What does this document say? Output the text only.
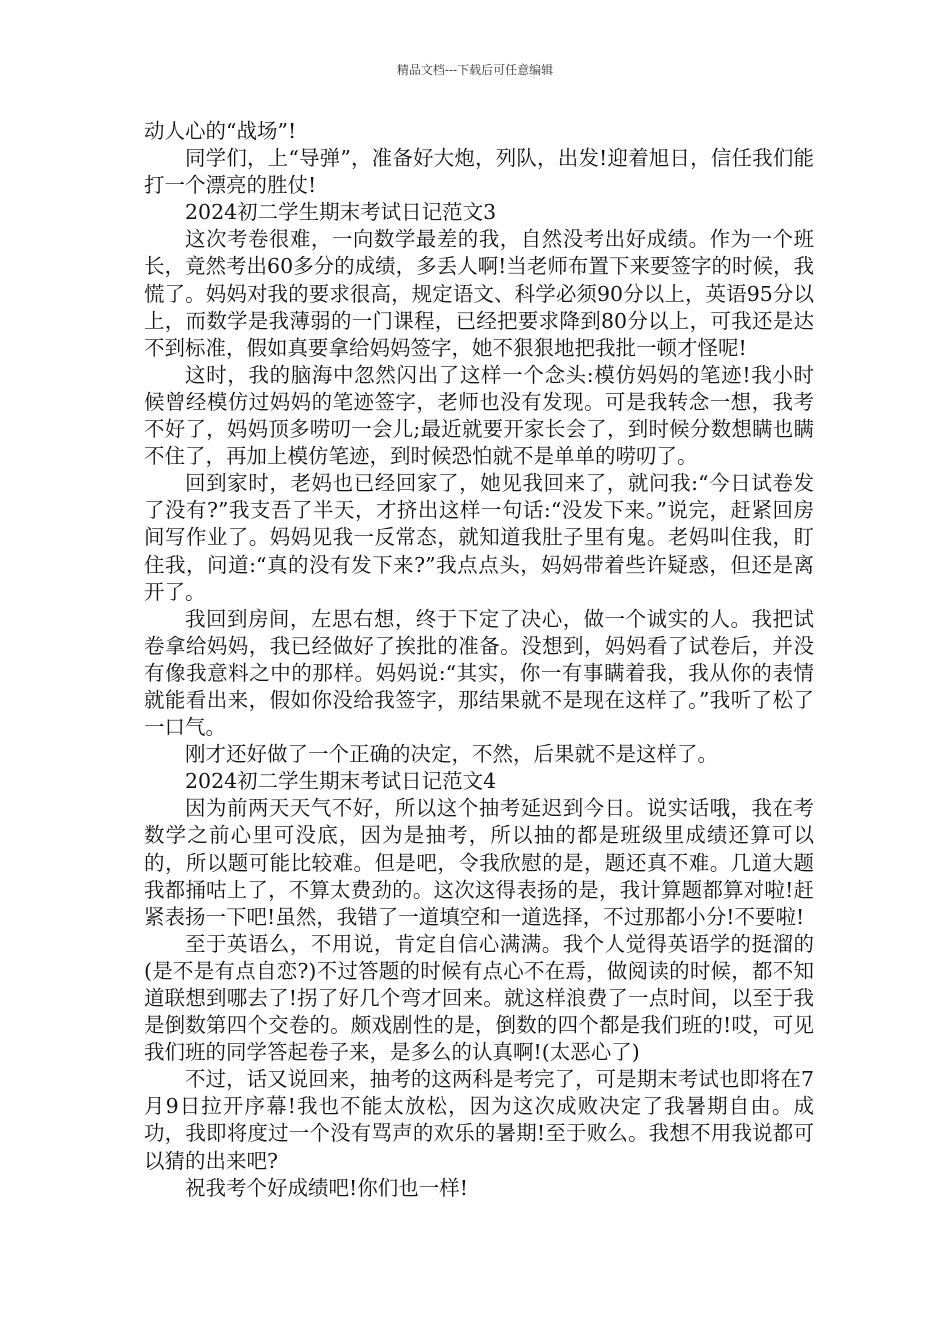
精品文档---下载后可任意编辑

动人心的“战场”!

同学们，上“导弹”，准备好大炮，列队，出发!迎着旭日，信任我们能打一个漂亮的胜仗!

2024初二学生期末考试日记范文3

这次考卷很难，一向数学最差的我，自然没考出好成绩。作为一个班长，竟然考出60多分的成绩，多丢人啊!当老师布置下来要签字的时候，我慌了。妈妈对我的要求很高，规定语文、科学必须90分以上，英语95分以上，而数学是我薄弱的一门课程，已经把要求降到80分以上，可我还是达不到标准，假如真要拿给妈妈签字，她不狠狠地把我批一顿才怪呢!

这时，我的脑海中忽然闪出了这样一个念头:模仿妈妈的笔迹!我小时候曾经模仿过妈妈的笔迹签字，老师也没有发现。可是我转念一想，我考不好了，妈妈顶多唠叨一会儿;最近就要开家长会了，到时候分数想瞒也瞒不住了，再加上模仿笔迹，到时候恐怕就不是单单的唠叨了。

回到家时，老妈也已经回家了，她见我回来了，就问我:“今日试卷发了没有?”我支吾了半天，才挤出这样一句话:“没发下来。”说完，赶紧回房间写作业了。妈妈见我一反常态，就知道我肚子里有鬼。老妈叫住我，盯住我，问道:“真的没有发下来?”我点点头，妈妈带着些许疑惑，但还是离开了。

我回到房间，左思右想，终于下定了决心，做一个诚实的人。我把试卷拿给妈妈，我已经做好了挨批的准备。没想到，妈妈看了试卷后，并没有像我意料之中的那样。妈妈说:“其实，你一有事瞒着我，我从你的表情就能看出来，假如你没给我签字，那结果就不是现在这样了。”我听了松了一口气。

刚才还好做了一个正确的决定，不然，后果就不是这样了。

2024初二学生期末考试日记范文4

因为前两天天气不好，所以这个抽考延迟到今日。说实话哦，我在考数学之前心里可没底，因为是抽考，所以抽的都是班级里成绩还算可以的，所以题可能比较难。但是吧，令我欣慰的是，题还真不难。几道大题我都捅咕上了，不算太费劲的。这次这得表扬的是，我计算题都算对啦!赶紧表扬一下吧!虽然，我错了一道填空和一道选择，不过那都小分!不要啦!

至于英语么，不用说，肯定自信心满满。我个人觉得英语学的挺溜的(是不是有点自恋?)不过答题的时候有点心不在焉，做阅读的时候，都不知道联想到哪去了!拐了好几个弯才回来。就这样浪费了一点时间，以至于我是倒数第四个交卷的。颇戏剧性的是，倒数的四个都是我们班的!哎，可见我们班的同学答起卷子来，是多么的认真啊!(太恶心了)

不过，话又说回来，抽考的这两科是考完了，可是期末考试也即将在7月9日拉开序幕!我也不能太放松，因为这次成败决定了我暑期自由。成功，我即将度过一个没有骂声的欢乐的暑期!至于败么。我想不用我说都可以猜的出来吧?

祝我考个好成绩吧!你们也一样!
